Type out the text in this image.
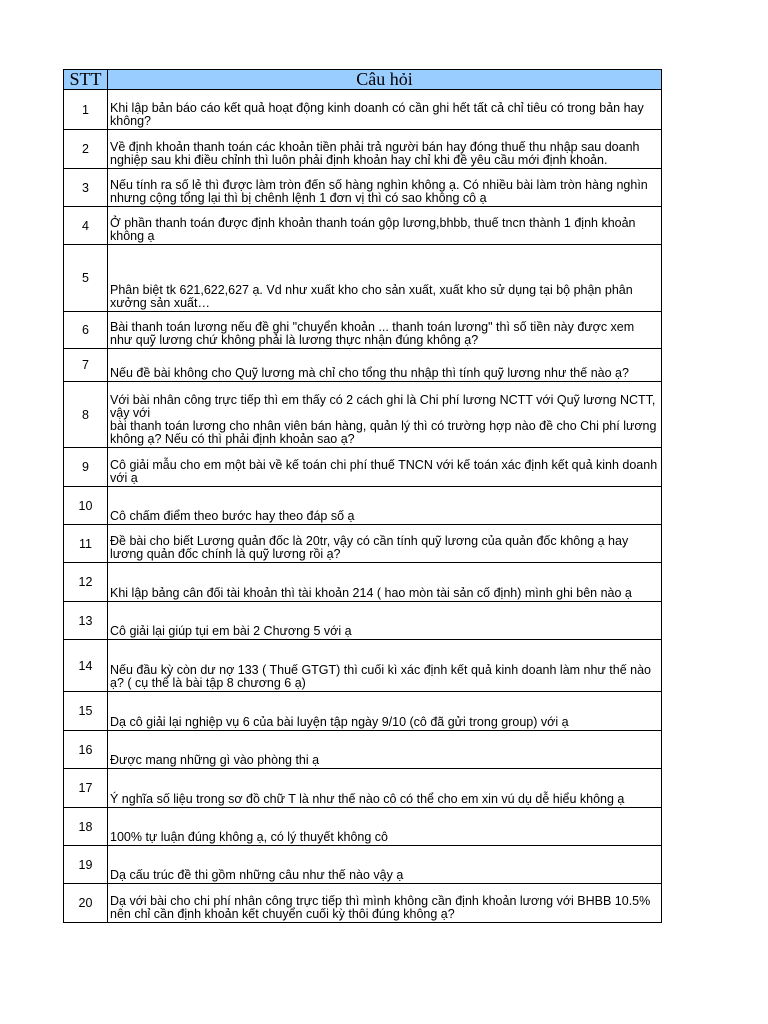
STT	Câu hỏi
1	Khi lập bản báo cáo kết quả hoạt động kinh doanh có cần ghi hết tất cả chỉ tiêu có trong bản hay không?
2	Về định khoản thanh toán các khoản tiền phải trả người bán hay đóng thuế thu nhập sau doanh nghiệp sau khi điều chỉnh thì luôn phải định khoản hay chỉ khi đề yêu cầu mới định khoản.
3	Nếu tính ra số lẻ thì được làm tròn đến số hàng nghìn không ạ. Có nhiều bài làm tròn hàng nghìn nhưng cộng tổng lại thì bị chênh lệnh 1 đơn vị thì có sao không cô ạ
4	Ở phần thanh toán được định khoản thanh toán gộp lương,bhbb, thuế tncn thành 1 định khoản không ạ
5	Phân biệt tk 621,622,627 ạ. Vd như xuất kho cho sản xuất, xuất kho sử dụng tại bộ phận phân xưởng sản xuất…
6	Bài thanh toán lương nếu đề ghi "chuyển khoản ... thanh toán lương" thì số tiền này được xem như quỹ lương chứ không phải là lương thực nhận đúng không ạ?
7	Nếu đề bài không cho Quỹ lương mà chỉ cho tổng thu nhập thì tính quỹ lương như thế nào ạ?
8	Với bài nhân công trực tiếp thì em thấy có 2 cách ghi là Chi phí lương NCTT với Quỹ lương NCTT, vậy với
bài thanh toán lương cho nhân viên bán hàng, quản lý thì có trường hợp nào đề cho Chi phí lương không ạ? Nếu có thì phải định khoản sao ạ?
9	Cô giải mẫu cho em một bài về kế toán chi phí thuế TNCN với kế toán xác định kết quả kinh doanh với ạ
10	Cô chấm điểm theo bước hay theo đáp số ạ
11	Đề bài cho biết Lương quản đốc là 20tr, vậy có cần tính quỹ lương của quản đốc không ạ hay lương quản đốc chính là quỹ lương rồi ạ?
12	Khi lập bảng cân đối tài khoản thì tài khoản 214 ( hao mòn tài sản cố định) mình ghi bên nào ạ
13	Cô giải lại giúp tụi em bài 2 Chương 5 với ạ
14	Nếu đầu kỳ còn dư nợ 133 ( Thuế GTGT) thì cuối kì xác định kết quả kinh doanh làm như thế nào ạ? ( cụ thể là bài tập 8 chương 6 ạ)
15	Dạ cô giải lại nghiệp vụ 6 của bài luyện tập ngày 9/10 (cô đã gửi trong group) với ạ
16	Được mang những gì vào phòng thi ạ
17	Ý nghĩa số liệu trong sơ đồ chữ T là như thế nào cô có thể cho em xin vú dụ dễ hiểu không ạ
18	100% tự luận đúng không ạ, có lý thuyết không cô
19	Dạ cấu trúc đề thi gồm những câu như thế nào vậy ạ
20	Dạ với bài cho chi phí nhân công trực tiếp thì mình không cần định khoản lương với BHBB 10.5% nên chỉ cần định khoản kết chuyển cuối kỳ thôi đúng không ạ?
